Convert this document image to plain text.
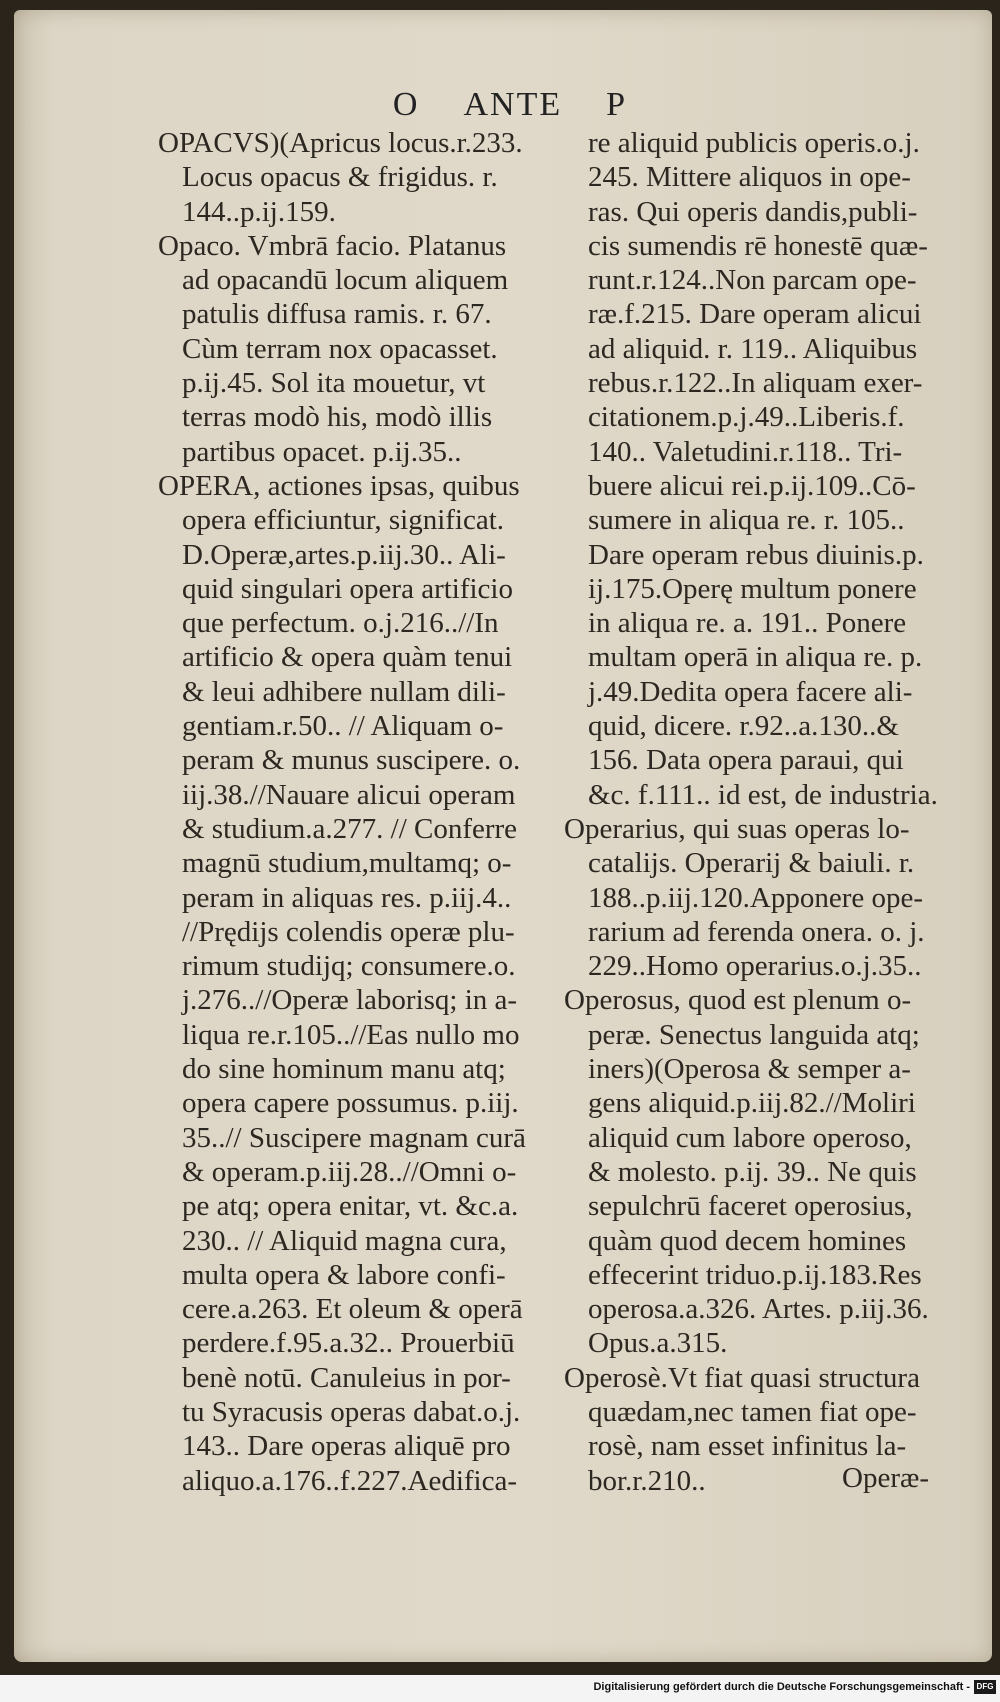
O ANTE P
OPACVS)(Apricus locus.r.233.
Locus opacus & frigidus. r.
144..p.ij.159.
Opaco. Vmbrā facio. Platanus
ad opacandū locum aliquem
patulis diffusa ramis. r. 67.
Cùm terram nox opacasset.
p.ij.45. Sol ita mouetur, vt
terras modò his, modò illis
partibus opacet. p.ij.35..
OPERA, actiones ipsas, quibus
opera efficiuntur, significat.
D.Operæ,artes.p.iij.30.. Ali-
quid singulari opera artificio
que perfectum. o.j.216..//In
artificio & opera quàm tenui
& leui adhibere nullam dili-
gentiam.r.50.. // Aliquam o-
peram & munus suscipere. o.
iij.38.//Nauare alicui operam
& studium.a.277. // Conferre
magnū studium,multamq; o-
peram in aliquas res. p.iij.4..
//Prędijs colendis operæ plu-
rimum studijq; consumere.o.
j.276..//Operæ laborisq; in a-
liqua re.r.105..//Eas nullo mo
do sine hominum manu atq;
opera capere possumus. p.iij.
35..// Suscipere magnam curā
& operam.p.iij.28..//Omni o-
pe atq; opera enitar, vt. &c.a.
230.. // Aliquid magna cura,
multa opera & labore confi-
cere.a.263. Et oleum & operā
perdere.f.95.a.32.. Prouerbiū
benè notū. Canuleius in por-
tu Syracusis operas dabat.o.j.
143.. Dare operas aliquē pro
aliquo.a.176..f.227.Aedifica-
re aliquid publicis operis.o.j.
245. Mittere aliquos in ope-
ras. Qui operis dandis,publi-
cis sumendis rē honestē quæ-
runt.r.124..Non parcam ope-
ræ.f.215. Dare operam alicui
ad aliquid. r. 119.. Aliquibus
rebus.r.122..In aliquam exer-
citationem.p.j.49..Liberis.f.
140.. Valetudini.r.118.. Tri-
buere alicui rei.p.ij.109..Cō-
sumere in aliqua re. r. 105..
Dare operam rebus diuinis.p.
ij.175.Operę multum ponere
in aliqua re. a. 191.. Ponere
multam operā in aliqua re. p.
j.49.Dedita opera facere ali-
quid, dicere. r.92..a.130..&
156. Data opera paraui, qui
&c. f.111.. id est, de industria.
Operarius, qui suas operas lo-
catalijs. Operarij & baiuli. r.
188..p.iij.120.Apponere ope-
rarium ad ferenda onera. o. j.
229..Homo operarius.o.j.35..
Operosus, quod est plenum o-
peræ. Senectus languida atq;
iners)(Operosa & semper a-
gens aliquid.p.iij.82.//Moliri
aliquid cum labore operoso,
& molesto. p.ij. 39.. Ne quis
sepulchrū faceret operosius,
quàm quod decem homines
effecerint triduo.p.ij.183.Res
operosa.a.326. Artes. p.iij.36.
Opus.a.315.
Operosè.Vt fiat quasi structura
quædam,nec tamen fiat ope-
rosè, nam esset infinitus la-
bor.r.210..	Operæ-
Digitalisierung gefördert durch die Deutsche Forschungsgemeinschaft - DFG
